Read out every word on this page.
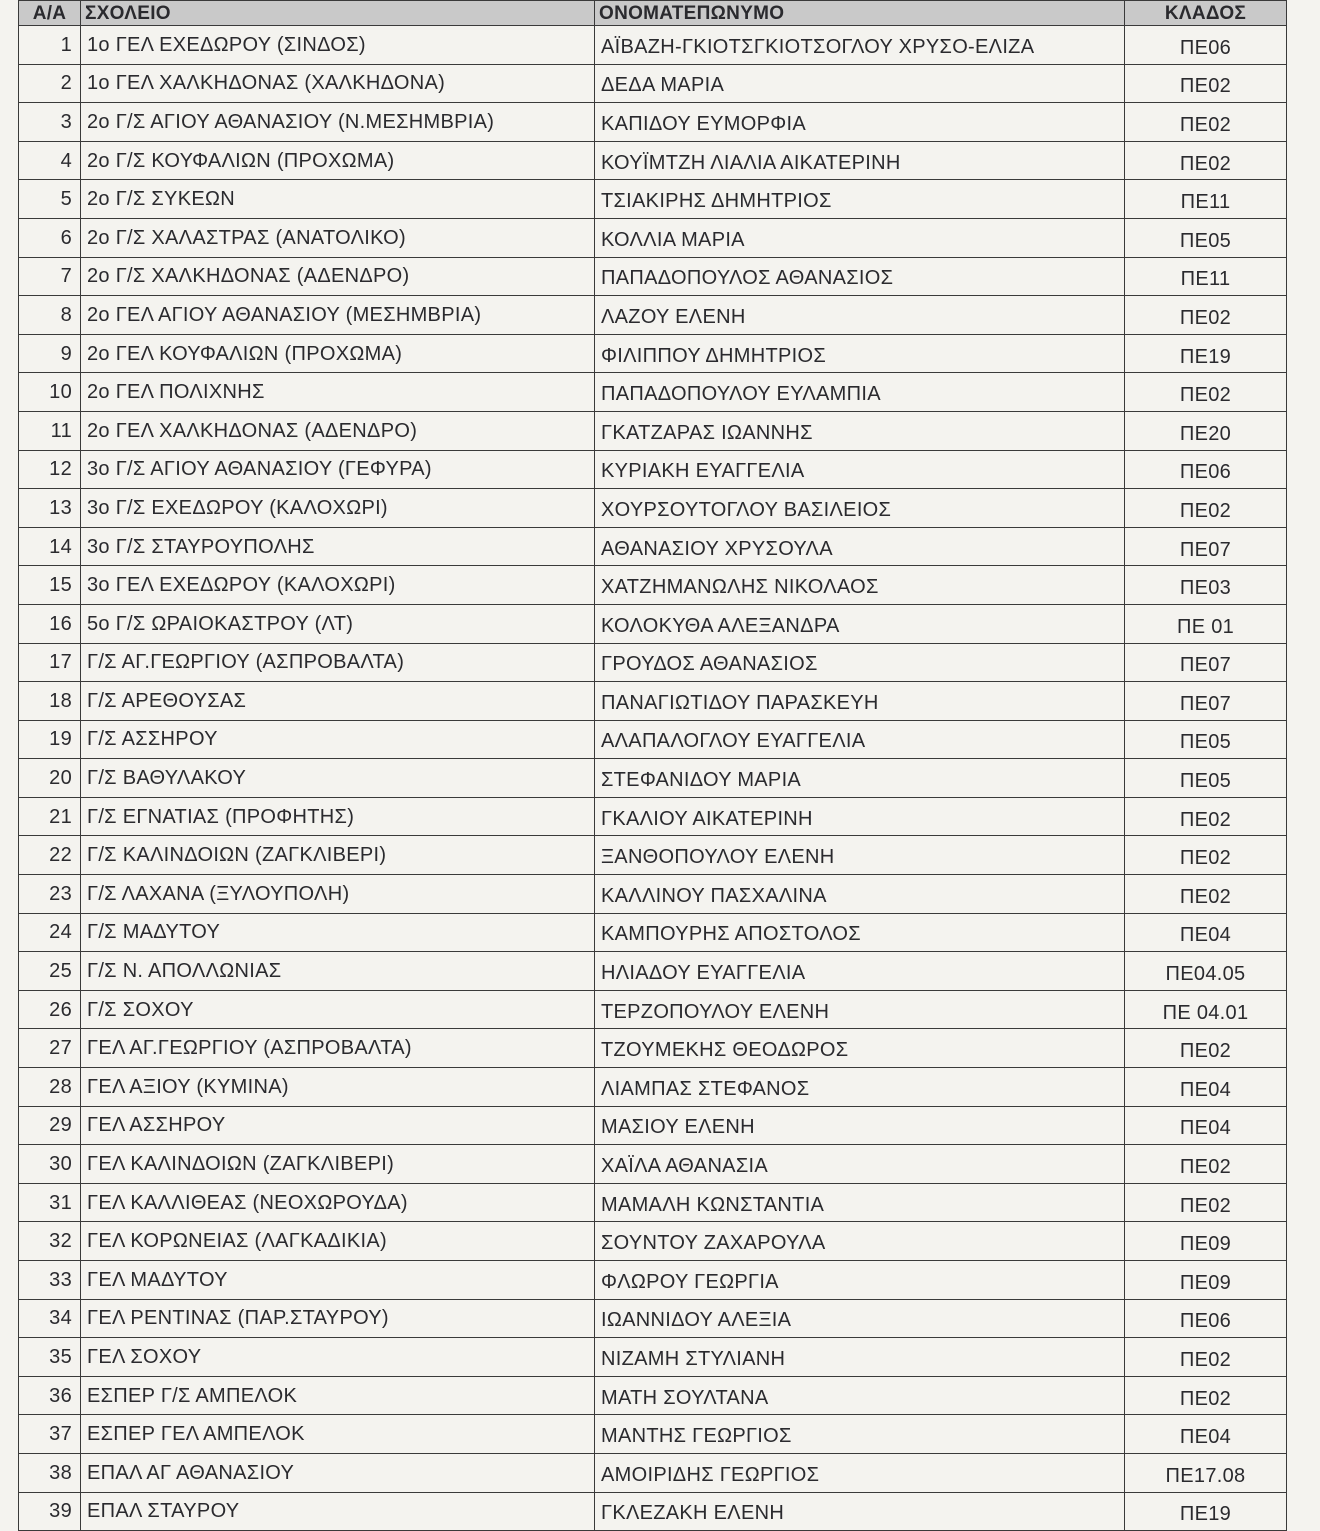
Α/Α	ΣΧΟΛΕΙΟ	ΟΝΟΜΑΤΕΠΩΝΥΜΟ	ΚΛΑΔΟΣ
1	1ο ΓΕΛ ΕΧΕΔΩΡΟΥ (ΣΙΝΔΟΣ)	ΑΪΒΑΖΗ-ΓΚΙΟΤΣΓΚΙΟΤΣΟΓΛΟΥ ΧΡΥΣΟ-ΕΛΙΖΑ	ΠΕ06
2	1ο ΓΕΛ ΧΑΛΚΗΔΟΝΑΣ (ΧΑΛΚΗΔΟΝΑ)	ΔΕΔΑ ΜΑΡΙΑ	ΠΕ02
3	2ο Γ/Σ ΑΓΙΟΥ ΑΘΑΝΑΣΙΟΥ (Ν.ΜΕΣΗΜΒΡΙΑ)	ΚΑΠΙΔΟΥ ΕΥΜΟΡΦΙΑ	ΠΕ02
4	2ο Γ/Σ ΚΟΥΦΑΛΙΩΝ (ΠΡΟΧΩΜΑ)	ΚΟΥΪΜΤΖΗ ΛΙΑΛΙΑ ΑΙΚΑΤΕΡΙΝΗ	ΠΕ02
5	2ο Γ/Σ ΣΥΚΕΩΝ	ΤΣΙΑΚΙΡΗΣ ΔΗΜΗΤΡΙΟΣ	ΠΕ11
6	2ο Γ/Σ ΧΑΛΑΣΤΡΑΣ (ΑΝΑΤΟΛΙΚΟ)	ΚΟΛΛΙΑ ΜΑΡΙΑ	ΠΕ05
7	2ο Γ/Σ ΧΑΛΚΗΔΟΝΑΣ (ΑΔΕΝΔΡΟ)	ΠΑΠΑΔΟΠΟΥΛΟΣ ΑΘΑΝΑΣΙΟΣ	ΠΕ11
8	2ο ΓΕΛ ΑΓΙΟΥ ΑΘΑΝΑΣΙΟΥ (ΜΕΣΗΜΒΡΙΑ)	ΛΑΖΟΥ ΕΛΕΝΗ	ΠΕ02
9	2ο ΓΕΛ ΚΟΥΦΑΛΙΩΝ (ΠΡΟΧΩΜΑ)	ΦΙΛΙΠΠΟΥ ΔΗΜΗΤΡΙΟΣ	ΠΕ19
10	2ο ΓΕΛ ΠΟΛΙΧΝΗΣ	ΠΑΠΑΔΟΠΟΥΛΟΥ ΕΥΛΑΜΠΙΑ	ΠΕ02
11	2ο ΓΕΛ ΧΑΛΚΗΔΟΝΑΣ (ΑΔΕΝΔΡΟ)	ΓΚΑΤΖΑΡΑΣ ΙΩΑΝΝΗΣ	ΠΕ20
12	3ο Γ/Σ ΑΓΙΟΥ ΑΘΑΝΑΣΙΟΥ (ΓΕΦΥΡΑ)	ΚΥΡΙΑΚΗ ΕΥΑΓΓΕΛΙΑ	ΠΕ06
13	3ο Γ/Σ ΕΧΕΔΩΡΟΥ (ΚΑΛΟΧΩΡΙ)	ΧΟΥΡΣΟΥΤΟΓΛΟΥ ΒΑΣΙΛΕΙΟΣ	ΠΕ02
14	3ο Γ/Σ ΣΤΑΥΡΟΥΠΟΛΗΣ	ΑΘΑΝΑΣΙΟΥ ΧΡΥΣΟΥΛΑ	ΠΕ07
15	3ο ΓΕΛ ΕΧΕΔΩΡΟΥ (ΚΑΛΟΧΩΡΙ)	ΧΑΤΖΗΜΑΝΩΛΗΣ ΝΙΚΟΛΑΟΣ	ΠΕ03
16	5ο Γ/Σ ΩΡΑΙΟΚΑΣΤΡΟΥ (ΛΤ)	ΚΟΛΟΚΥΘΑ ΑΛΕΞΑΝΔΡΑ	ΠΕ 01
17	Γ/Σ ΑΓ.ΓΕΩΡΓΙΟΥ (ΑΣΠΡΟΒΑΛΤΑ)	ΓΡΟΥΔΟΣ ΑΘΑΝΑΣΙΟΣ	ΠΕ07
18	Γ/Σ ΑΡΕΘΟΥΣΑΣ	ΠΑΝΑΓΙΩΤΙΔΟΥ ΠΑΡΑΣΚΕΥΗ	ΠΕ07
19	Γ/Σ ΑΣΣΗΡΟΥ	ΑΛΑΠΑΛΟΓΛΟΥ ΕΥΑΓΓΕΛΙΑ	ΠΕ05
20	Γ/Σ ΒΑΘΥΛΑΚΟΥ	ΣΤΕΦΑΝΙΔΟΥ ΜΑΡΙΑ	ΠΕ05
21	Γ/Σ ΕΓΝΑΤΙΑΣ (ΠΡΟΦΗΤΗΣ)	ΓΚΑΛΙΟΥ ΑΙΚΑΤΕΡΙΝΗ	ΠΕ02
22	Γ/Σ ΚΑΛΙΝΔΟΙΩΝ (ΖΑΓΚΛΙΒΕΡΙ)	ΞΑΝΘΟΠΟΥΛΟΥ ΕΛΕΝΗ	ΠΕ02
23	Γ/Σ ΛΑΧΑΝΑ (ΞΥΛΟΥΠΟΛΗ)	ΚΑΛΛΙΝΟΥ ΠΑΣΧΑΛΙΝΑ	ΠΕ02
24	Γ/Σ ΜΑΔΥΤΟΥ	ΚΑΜΠΟΥΡΗΣ ΑΠΟΣΤΟΛΟΣ	ΠΕ04
25	Γ/Σ Ν. ΑΠΟΛΛΩΝΙΑΣ	ΗΛΙΑΔΟΥ ΕΥΑΓΓΕΛΙΑ	ΠΕ04.05
26	Γ/Σ ΣΟΧΟΥ	ΤΕΡΖΟΠΟΥΛΟΥ ΕΛΕΝΗ	ΠΕ 04.01
27	ΓΕΛ ΑΓ.ΓΕΩΡΓΙΟΥ (ΑΣΠΡΟΒΑΛΤΑ)	ΤΖΟΥΜΕΚΗΣ ΘΕΟΔΩΡΟΣ	ΠΕ02
28	ΓΕΛ ΑΞΙΟΥ (ΚΥΜΙΝΑ)	ΛΙΑΜΠΑΣ ΣΤΕΦΑΝΟΣ	ΠΕ04
29	ΓΕΛ ΑΣΣΗΡΟΥ	ΜΑΣΙΟΥ ΕΛΕΝΗ	ΠΕ04
30	ΓΕΛ ΚΑΛΙΝΔΟΙΩΝ (ΖΑΓΚΛΙΒΕΡΙ)	ΧΑΪΛΑ ΑΘΑΝΑΣΙΑ	ΠΕ02
31	ΓΕΛ ΚΑΛΛΙΘΕΑΣ (ΝΕΟΧΩΡΟΥΔΑ)	ΜΑΜΑΛΗ ΚΩΝΣΤΑΝΤΙΑ	ΠΕ02
32	ΓΕΛ ΚΟΡΩΝΕΙΑΣ (ΛΑΓΚΑΔΙΚΙΑ)	ΣΟΥΝΤΟΥ ΖΑΧΑΡΟΥΛΑ	ΠΕ09
33	ΓΕΛ ΜΑΔΥΤΟΥ	ΦΛΩΡΟΥ ΓΕΩΡΓΙΑ	ΠΕ09
34	ΓΕΛ ΡΕΝΤΙΝΑΣ (ΠΑΡ.ΣΤΑΥΡΟΥ)	ΙΩΑΝΝΙΔΟΥ ΑΛΕΞΙΑ	ΠΕ06
35	ΓΕΛ ΣΟΧΟΥ	ΝΙΖΑΜΗ ΣΤΥΛΙΑΝΗ	ΠΕ02
36	ΕΣΠΕΡ Γ/Σ ΑΜΠΕΛΟΚ	ΜΑΤΗ ΣΟΥΛΤΑΝΑ	ΠΕ02
37	ΕΣΠΕΡ ΓΕΛ ΑΜΠΕΛΟΚ	ΜΑΝΤΗΣ ΓΕΩΡΓΙΟΣ	ΠΕ04
38	ΕΠΑΛ ΑΓ ΑΘΑΝΑΣΙΟΥ	ΑΜΟΙΡΙΔΗΣ ΓΕΩΡΓΙΟΣ	ΠΕ17.08
39	ΕΠΑΛ ΣΤΑΥΡΟΥ	ΓΚΛΕΖΑΚΗ ΕΛΕΝΗ	ΠΕ19
